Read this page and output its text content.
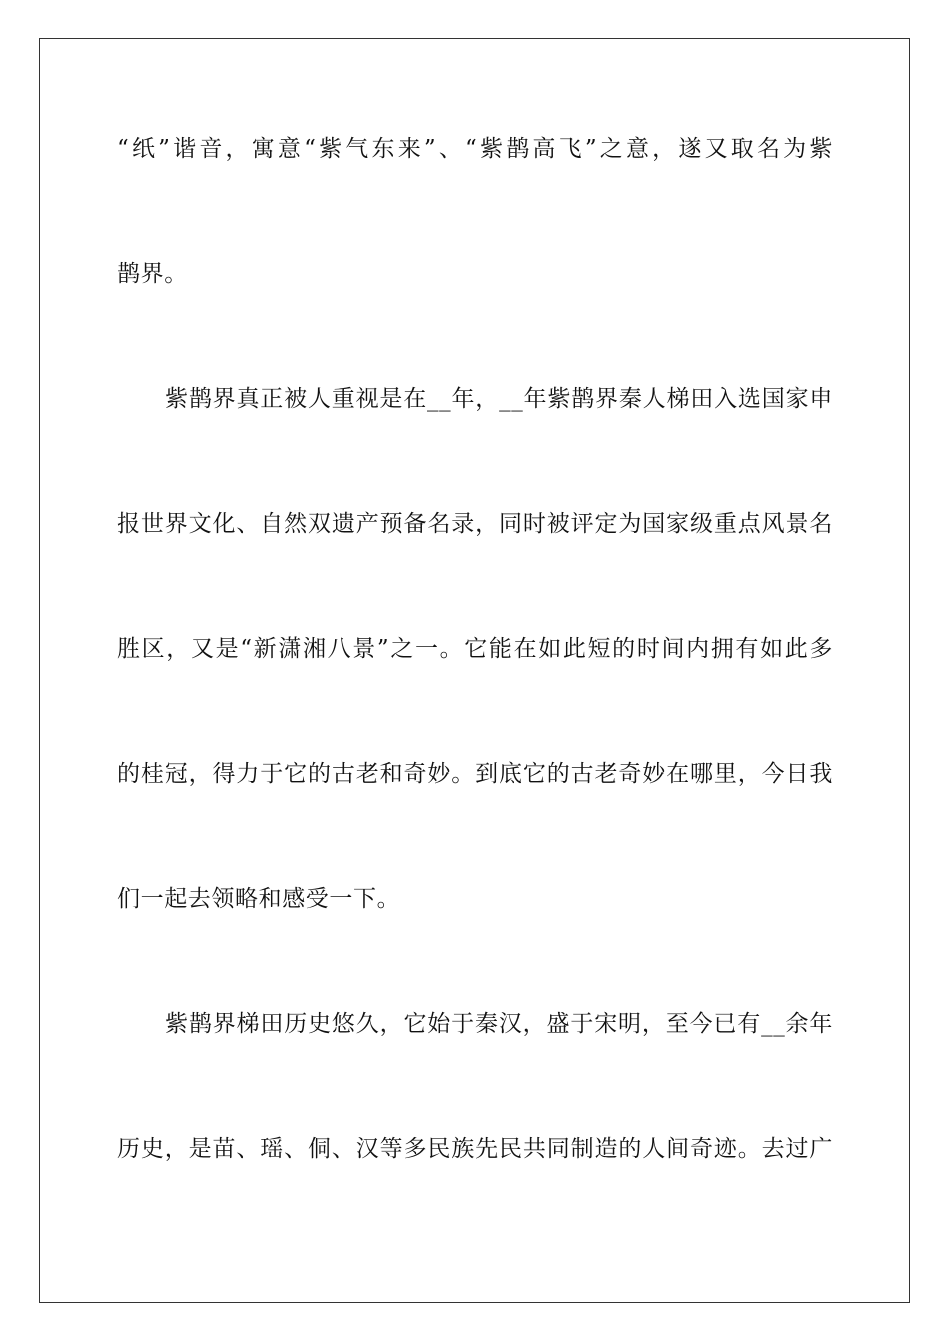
“纸”谐音，寓意“紫气东来”、“紫鹊高飞”之意，遂又取名为紫
鹊界。
紫鹊界真正被人重视是在__年，__年紫鹊界秦人梯田入选国家申
报世界文化、自然双遗产预备名录，同时被评定为国家级重点风景名
胜区，又是“新潇湘八景”之一。它能在如此短的时间内拥有如此多
的桂冠，得力于它的古老和奇妙。到底它的古老奇妙在哪里，今日我
们一起去领略和感受一下。
紫鹊界梯田历史悠久，它始于秦汉，盛于宋明，至今已有__余年
历史，是苗、瑶、侗、汉等多民族先民共同制造的人间奇迹。去过广
